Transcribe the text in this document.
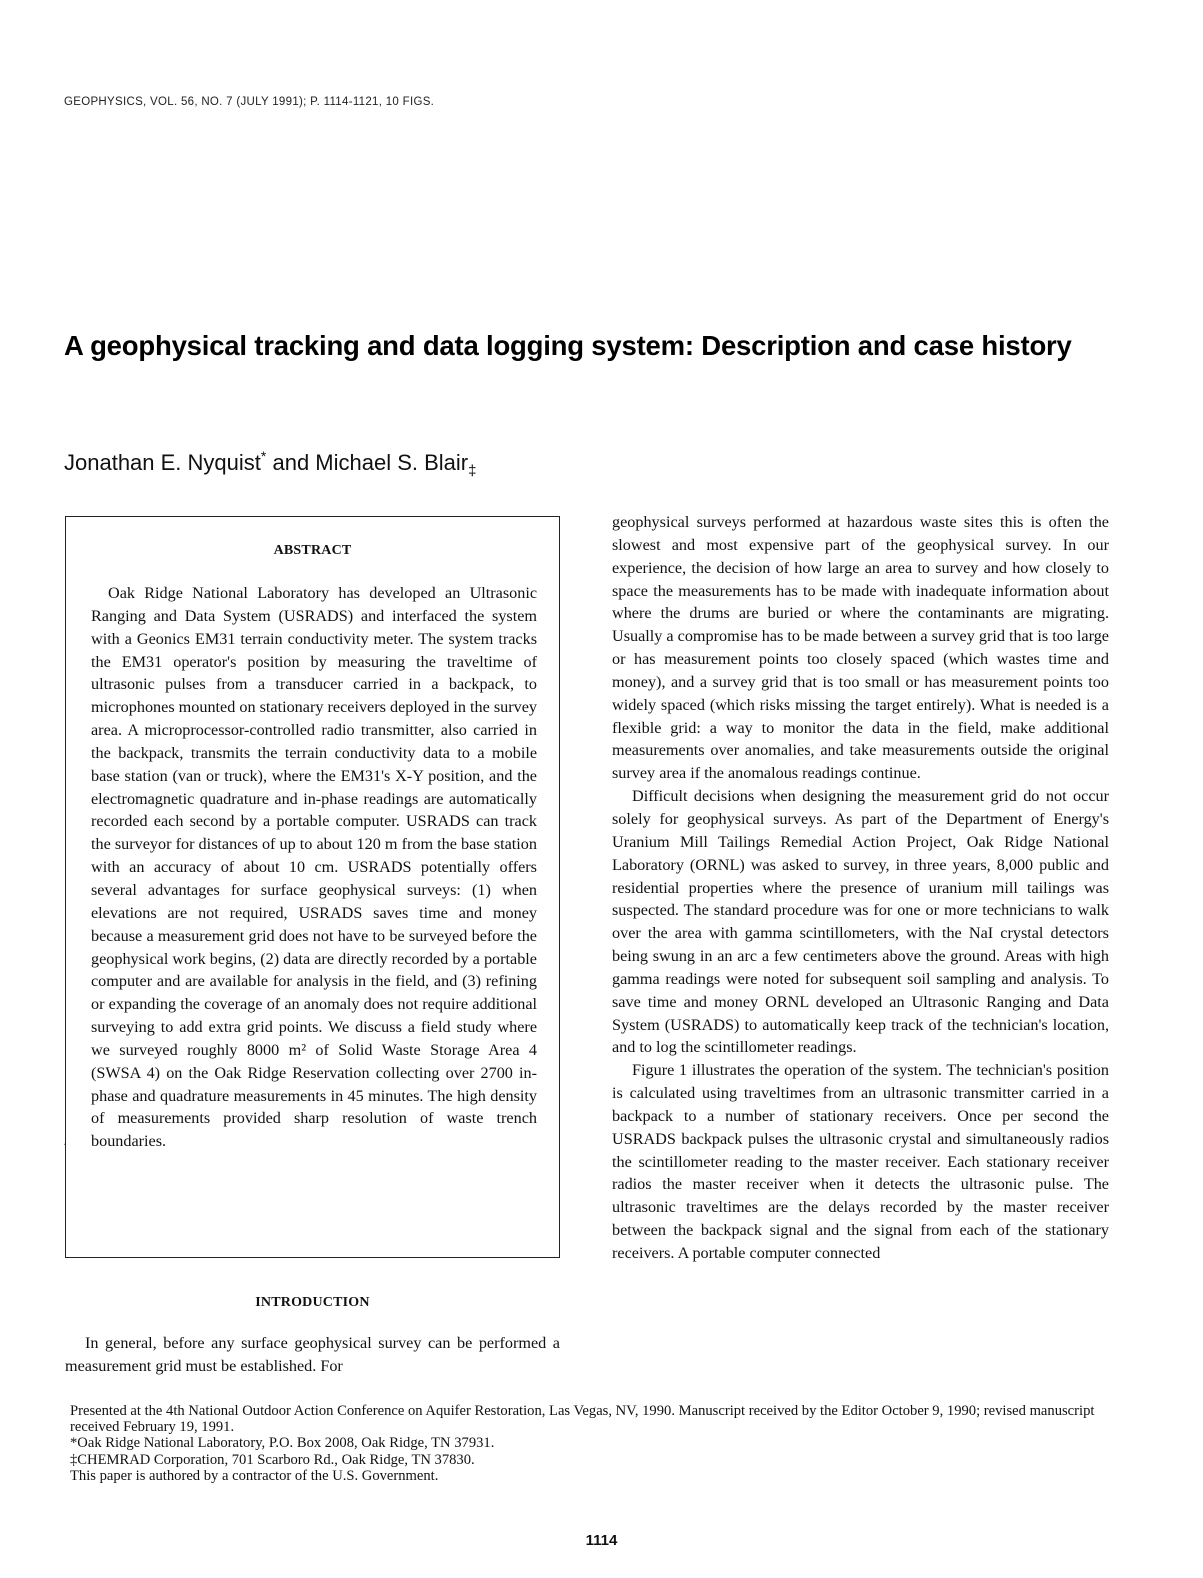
GEOPHYSICS, VOL. 56, NO. 7 (JULY 1991); P. 1114-1121, 10 FIGS.
A geophysical tracking and data logging system: Description and case history
Jonathan E. Nyquist* and Michael S. Blair$_\ddagger$
ABSTRACT

Oak Ridge National Laboratory has developed an Ultrasonic Ranging and Data System (USRADS) and interfaced the system with a Geonics EM31 terrain conductivity meter. The system tracks the EM31 operator's position by measuring the traveltime of ultrasonic pulses from a transducer carried in a backpack, to microphones mounted on stationary receivers deployed in the survey area. A microprocessor-controlled radio transmitter, also carried in the backpack, transmits the terrain conductivity data to a mobile base station (van or truck), where the EM31's X-Y position, and the electromagnetic quadrature and in-phase readings are automatically recorded each second by a portable computer. USRADS can track the surveyor for distances of up to about 120 m from the base station with an accuracy of about 10 cm. USRADS potentially offers several advantages for surface geophysical surveys: (1) when elevations are not required, USRADS saves time and money because a measurement grid does not have to be surveyed before the geophysical work begins, (2) data are directly recorded by a portable computer and are available for analysis in the field, and (3) refining or expanding the coverage of an anomaly does not require additional surveying to add extra grid points. We discuss a field study where we surveyed roughly 8000 m² of Solid Waste Storage Area 4 (SWSA 4) on the Oak Ridge Reservation collecting over 2700 in-phase and quadrature measurements in 45 minutes. The high density of measurements provided sharp resolution of waste trench boundaries.

·
INTRODUCTION

In general, before any surface geophysical survey can be performed a measurement grid must be established. For

geophysical surveys performed at hazardous waste sites this is often the slowest and most expensive part of the geophysical survey. In our experience, the decision of how large an area to survey and how closely to space the measurements has to be made with inadequate information about where the drums are buried or where the contaminants are migrating. Usually a compromise has to be made between a survey grid that is too large or has measurement points too closely spaced (which wastes time and money), and a survey grid that is too small or has measurement points too widely spaced (which risks missing the target entirely). What is needed is a flexible grid: a way to monitor the data in the field, make additional measurements over anomalies, and take measurements outside the original survey area if the anomalous readings continue.

Difficult decisions when designing the measurement grid do not occur solely for geophysical surveys. As part of the Department of Energy's Uranium Mill Tailings Remedial Action Project, Oak Ridge National Laboratory (ORNL) was asked to survey, in three years, 8,000 public and residential properties where the presence of uranium mill tailings was suspected. The standard procedure was for one or more technicians to walk over the area with gamma scintillometers, with the NaI crystal detectors being swung in an arc a few centimeters above the ground. Areas with high gamma readings were noted for subsequent soil sampling and analysis. To save time and money ORNL developed an Ultrasonic Ranging and Data System (USRADS) to automatically keep track of the technician's location, and to log the scintillometer readings.

Figure 1 illustrates the operation of the system. The technician's position is calculated using traveltimes from an ultrasonic transmitter carried in a backpack to a number of stationary receivers. Once per second the USRADS backpack pulses the ultrasonic crystal and simultaneously radios the scintillometer reading to the master receiver. Each stationary receiver radios the master receiver when it detects the ultrasonic pulse. The ultrasonic traveltimes are the delays recorded by the master receiver between the backpack signal and the signal from each of the stationary receivers. A portable computer connected

Presented at the 4th National Outdoor Action Conference on Aquifer Restoration, Las Vegas, NV, 1990. Manuscript received by the Editor October 9, 1990; revised manuscript received February 19, 1991.
*Oak Ridge National Laboratory, P.O. Box 2008, Oak Ridge, TN 37931.
‡CHEMRAD Corporation, 701 Scarboro Rd., Oak Ridge, TN 37830.
This paper is authored by a contractor of the U.S. Government.
1114
